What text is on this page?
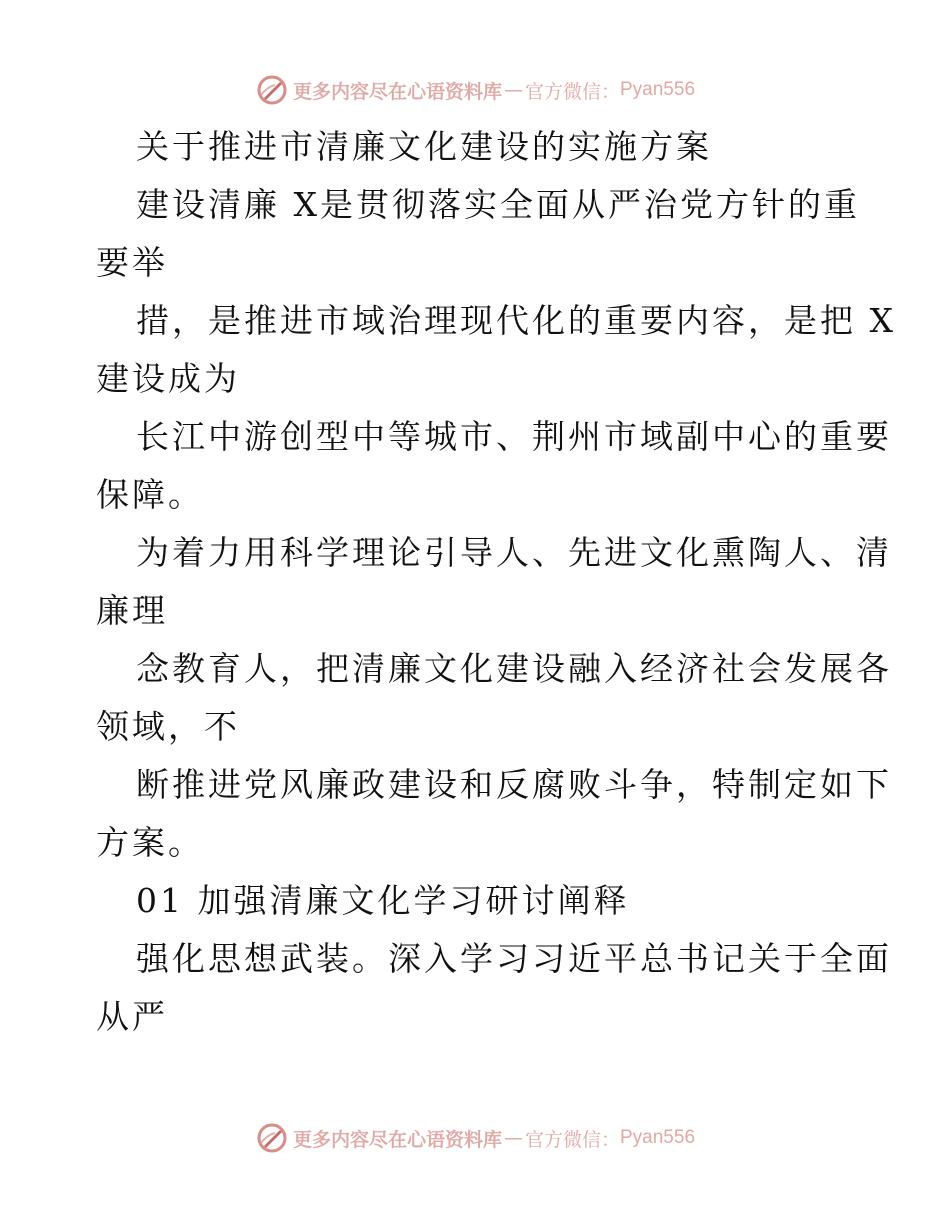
更多内容尽在心语资料库 — 官方微信： Pyan556
关于推进市清廉文化建设的实施方案
建设清廉 X是贯彻落实全面从严治党方针的重
要举
措，是推进市域治理现代化的重要内容，是把 X
建设成为
长江中游创型中等城市、荆州市域副中心的重要
保障。
为着力用科学理论引导人、先进文化熏陶人、清
廉理
念教育人，把清廉文化建设融入经济社会发展各
领域，不
断推进党风廉政建设和反腐败斗争，特制定如下
方案。
01 加强清廉文化学习研讨阐释
强化思想武装。深入学习习近平总书记关于全面
从严
更多内容尽在心语资料库 — 官方微信： Pyan556
